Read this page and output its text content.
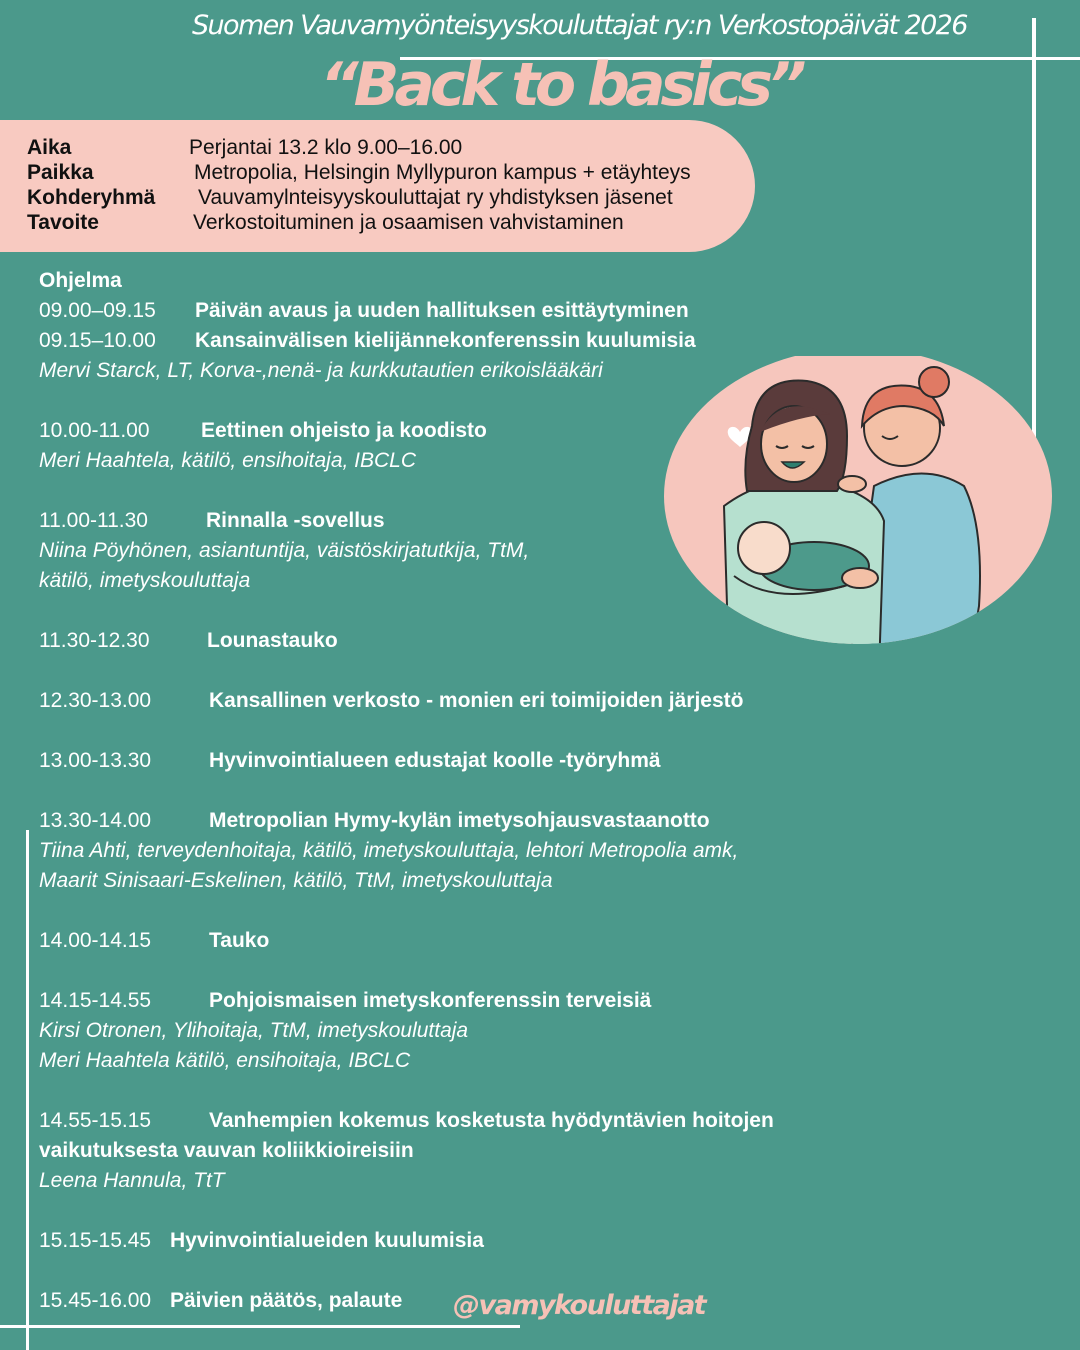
Suomen Vauvamyönteisyyskouluttajat ry:n Verkostopäivät 2026
“Back to basics”
Aika	Perjantai 13.2 klo 9.00–16.00
Paikka	Metropolia, Helsingin Myllypuron kampus + etäyhteys
Kohderyhmä Vauvamylnteisyyskouluttajat ry yhdistyksen jäsenet
Tavoite	Verkostoituminen ja osaamisen vahvistaminen
Ohjelma
09.00–09.15 Päivän avaus ja uuden hallituksen esittäytyminen
09.15–10.00 Kansainvälisen kielijännekonferenssin kuulumisia
Mervi Starck, LT, Korva-,nenä- ja kurkkutautien erikoislääkäri
10.00-11.00 Eettinen ohjeisto ja koodisto
Meri Haahtela, kätilö, ensihoitaja, IBCLC
11.00-11.30	Rinnalla -sovellus
Niina Pöyhönen, asiantuntija, väistöskirjatutkija, TtM,
kätilö, imetyskouluttaja
11.30-12.30	Lounastauko
12.30-13.00	Kansallinen verkosto - monien eri toimijoiden järjestö
13.00-13.30	Hyvinvointialueen edustajat koolle -työryhmä
13.30-14.00	Metropolian Hymy-kylän imetysohjausvastaanotto
Tiina Ahti, terveydenhoitaja, kätilö, imetyskouluttaja, lehtori Metropolia amk,
Maarit Sinisaari-Eskelinen, kätilö, TtM, imetyskouluttaja
14.00-14.15	Tauko
14.15-14.55	Pohjoismaisen imetyskonferenssin terveisiä
Kirsi Otronen, Ylihoitaja, TtM, imetyskouluttaja
Meri Haahtela kätilö, ensihoitaja, IBCLC
14.55-15.15	Vanhempien kokemus kosketusta hyödyntävien hoitojen
vaikutuksesta vauvan koliikkioireisiin
Leena Hannula, TtT
15.15-15.45 Hyvinvointialueiden kuulumisia
15.45-16.00 Päivien päätös, palaute	@vamykouluttajat
